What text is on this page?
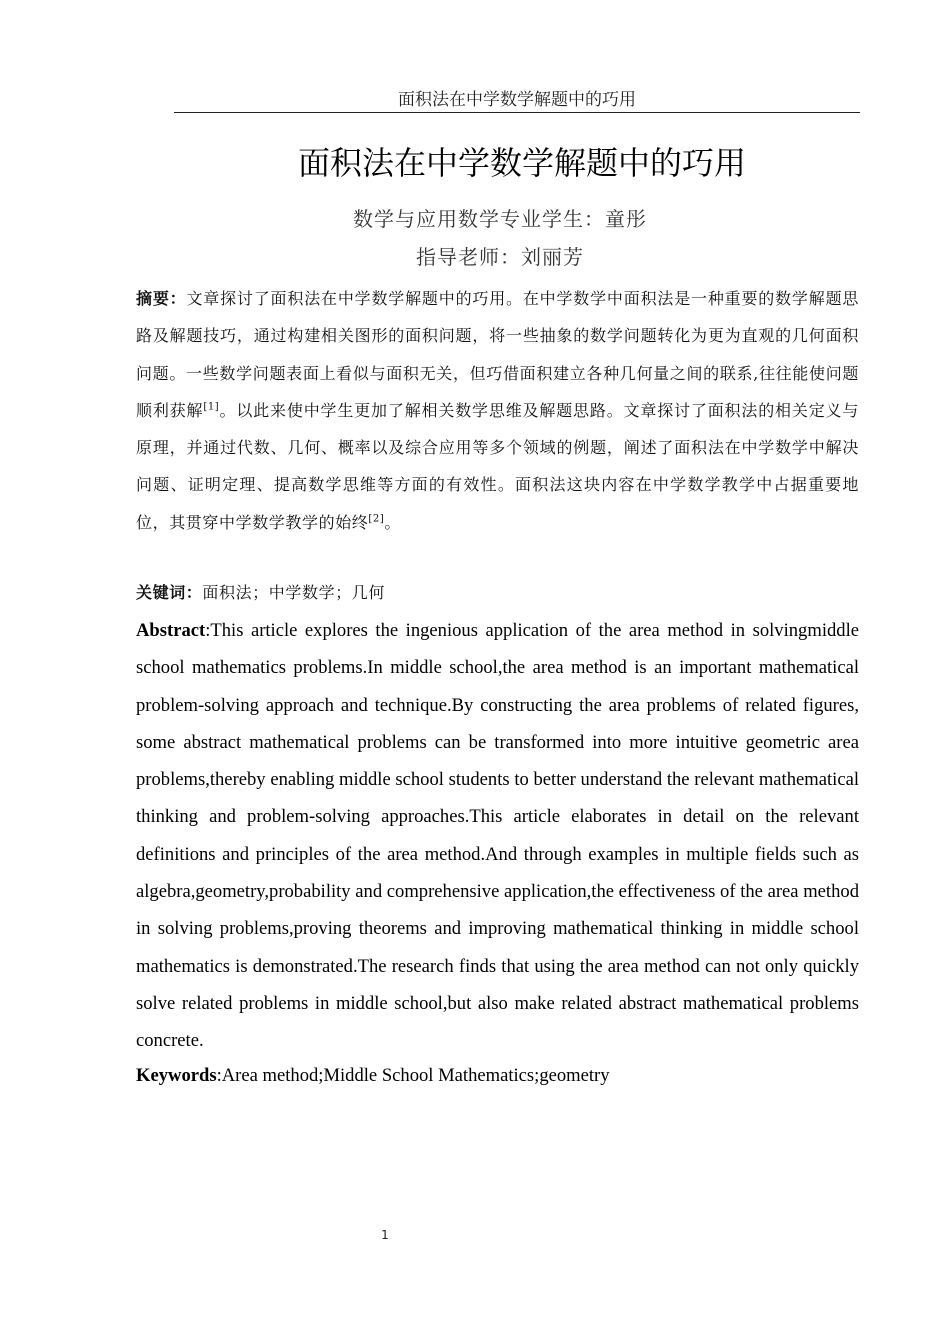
面积法在中学数学解题中的巧用
面积法在中学数学解题中的巧用
数学与应用数学专业学生：童彤
指导老师：刘丽芳
摘要：文章探讨了面积法在中学数学解题中的巧用。在中学数学中面积法是一种重要的数学解题思路及解题技巧，通过构建相关图形的面积问题，将一些抽象的数学问题转化为更为直观的几何面积问题。一些数学问题表面上看似与面积无关，但巧借面积建立各种几何量之间的联系,往往能使问题顺利获解[1]。以此来使中学生更加了解相关数学思维及解题思路。文章探讨了面积法的相关定义与原理，并通过代数、几何、概率以及综合应用等多个领域的例题，阐述了面积法在中学数学中解决问题、证明定理、提高数学思维等方面的有效性。面积法这块内容在中学数学教学中占据重要地位，其贯穿中学数学教学的始终[2]。
关键词：面积法；中学数学；几何
Abstract:This article explores the ingenious application of the area method in solvingmiddle school mathematics problems.In middle school,the area method is an important mathematical problem-solving approach and technique.By constructing the area problems of related figures, some abstract mathematical problems can be transformed into more intuitive geometric area problems,thereby enabling middle school students to better understand the relevant mathematical thinking and problem-solving approaches.This article elaborates in detail on the relevant definitions and principles of the area method.And through examples in multiple fields such as algebra,geometry,probability and comprehensive application,the effectiveness of the area method in solving problems,proving theorems and improving mathematical thinking in middle school mathematics is demonstrated.The research finds that using the area method can not only quickly solve related problems in middle school,but also make related abstract mathematical problems concrete.
Keywords:Area method;Middle School Mathematics;geometry
1
